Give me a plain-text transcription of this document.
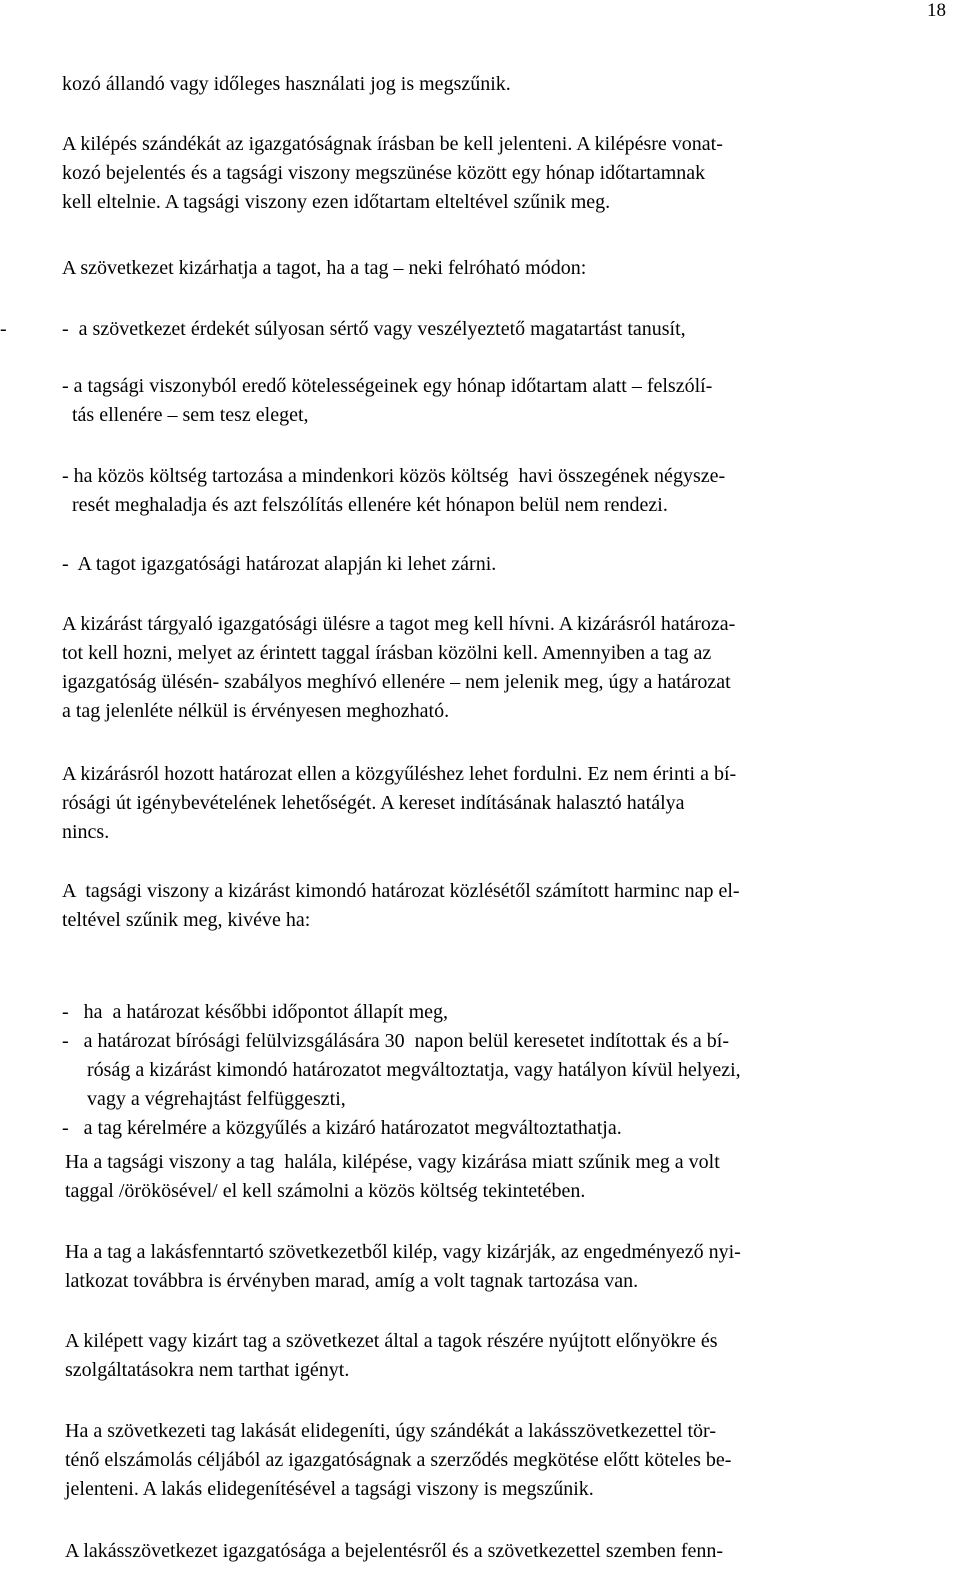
18
-
kozó állandó vagy időleges használati jog is megszűnik.
A kilépés szándékát az igazgatóságnak írásban be kell jelenteni. A kilépésre vonat-
kozó bejelentés és a tagsági viszony megszünése között egy hónap időtartamnak
kell eltelnie. A tagsági viszony ezen időtartam elteltével szűnik meg.
A szövetkezet kizárhatja a tagot, ha a tag – neki felróható módon:
-  a szövetkezet érdekét súlyosan sértő vagy veszélyeztető magatartást tanusít,
- a tagsági viszonyból eredő kötelességeinek egy hónap időtartam alatt – felszólí-
tás ellenére – sem tesz eleget,
- ha közös költség tartozása a mindenkori közös költség  havi összegének négysze-
resét meghaladja és azt felszólítás ellenére két hónapon belül nem rendezi.
-  A tagot igazgatósági határozat alapján ki lehet zárni.
A kizárást tárgyaló igazgatósági ülésre a tagot meg kell hívni. A kizárásról határoza-
tot kell hozni, melyet az érintett taggal írásban közölni kell. Amennyiben a tag az
igazgatóság ülésén- szabályos meghívó ellenére – nem jelenik meg, úgy a határozat
a tag jelenléte nélkül is érvényesen meghozható.
A kizárásról hozott határozat ellen a közgyűléshez lehet fordulni. Ez nem érinti a bí-
rósági út igénybevételének lehetőségét. A kereset indításának halasztó hatálya
nincs.
A  tagsági viszony a kizárást kimondó határozat közlésétől számított harminc nap el-
teltével szűnik meg, kivéve ha:
-   ha  a határozat későbbi időpontot állapít meg,
-   a határozat bírósági felülvizsgálására 30  napon belül keresetet indítottak és a bí-
róság a kizárást kimondó határozatot megváltoztatja, vagy hatályon kívül helyezi,
vagy a végrehajtást felfüggeszti,
-   a tag kérelmére a közgyűlés a kizáró határozatot megváltoztathatja.
Ha a tagsági viszony a tag  halála, kilépése, vagy kizárása miatt szűnik meg a volt
taggal /örökösével/ el kell számolni a közös költség tekintetében.
Ha a tag a lakásfenntartó szövetkezetből kilép, vagy kizárják, az engedményező nyi-
latkozat továbbra is érvényben marad, amíg a volt tagnak tartozása van.
A kilépett vagy kizárt tag a szövetkezet által a tagok részére nyújtott előnyökre és
szolgáltatásokra nem tarthat igényt.
Ha a szövetkezeti tag lakását elidegeníti, úgy szándékát a lakásszövetkezettel tör-
ténő elszámolás céljából az igazgatóságnak a szerződés megkötése előtt köteles be-
jelenteni. A lakás elidegenítésével a tagsági viszony is megszűnik.
A lakásszövetkezet igazgatósága a bejelentésről és a szövetkezettel szemben fenn-
